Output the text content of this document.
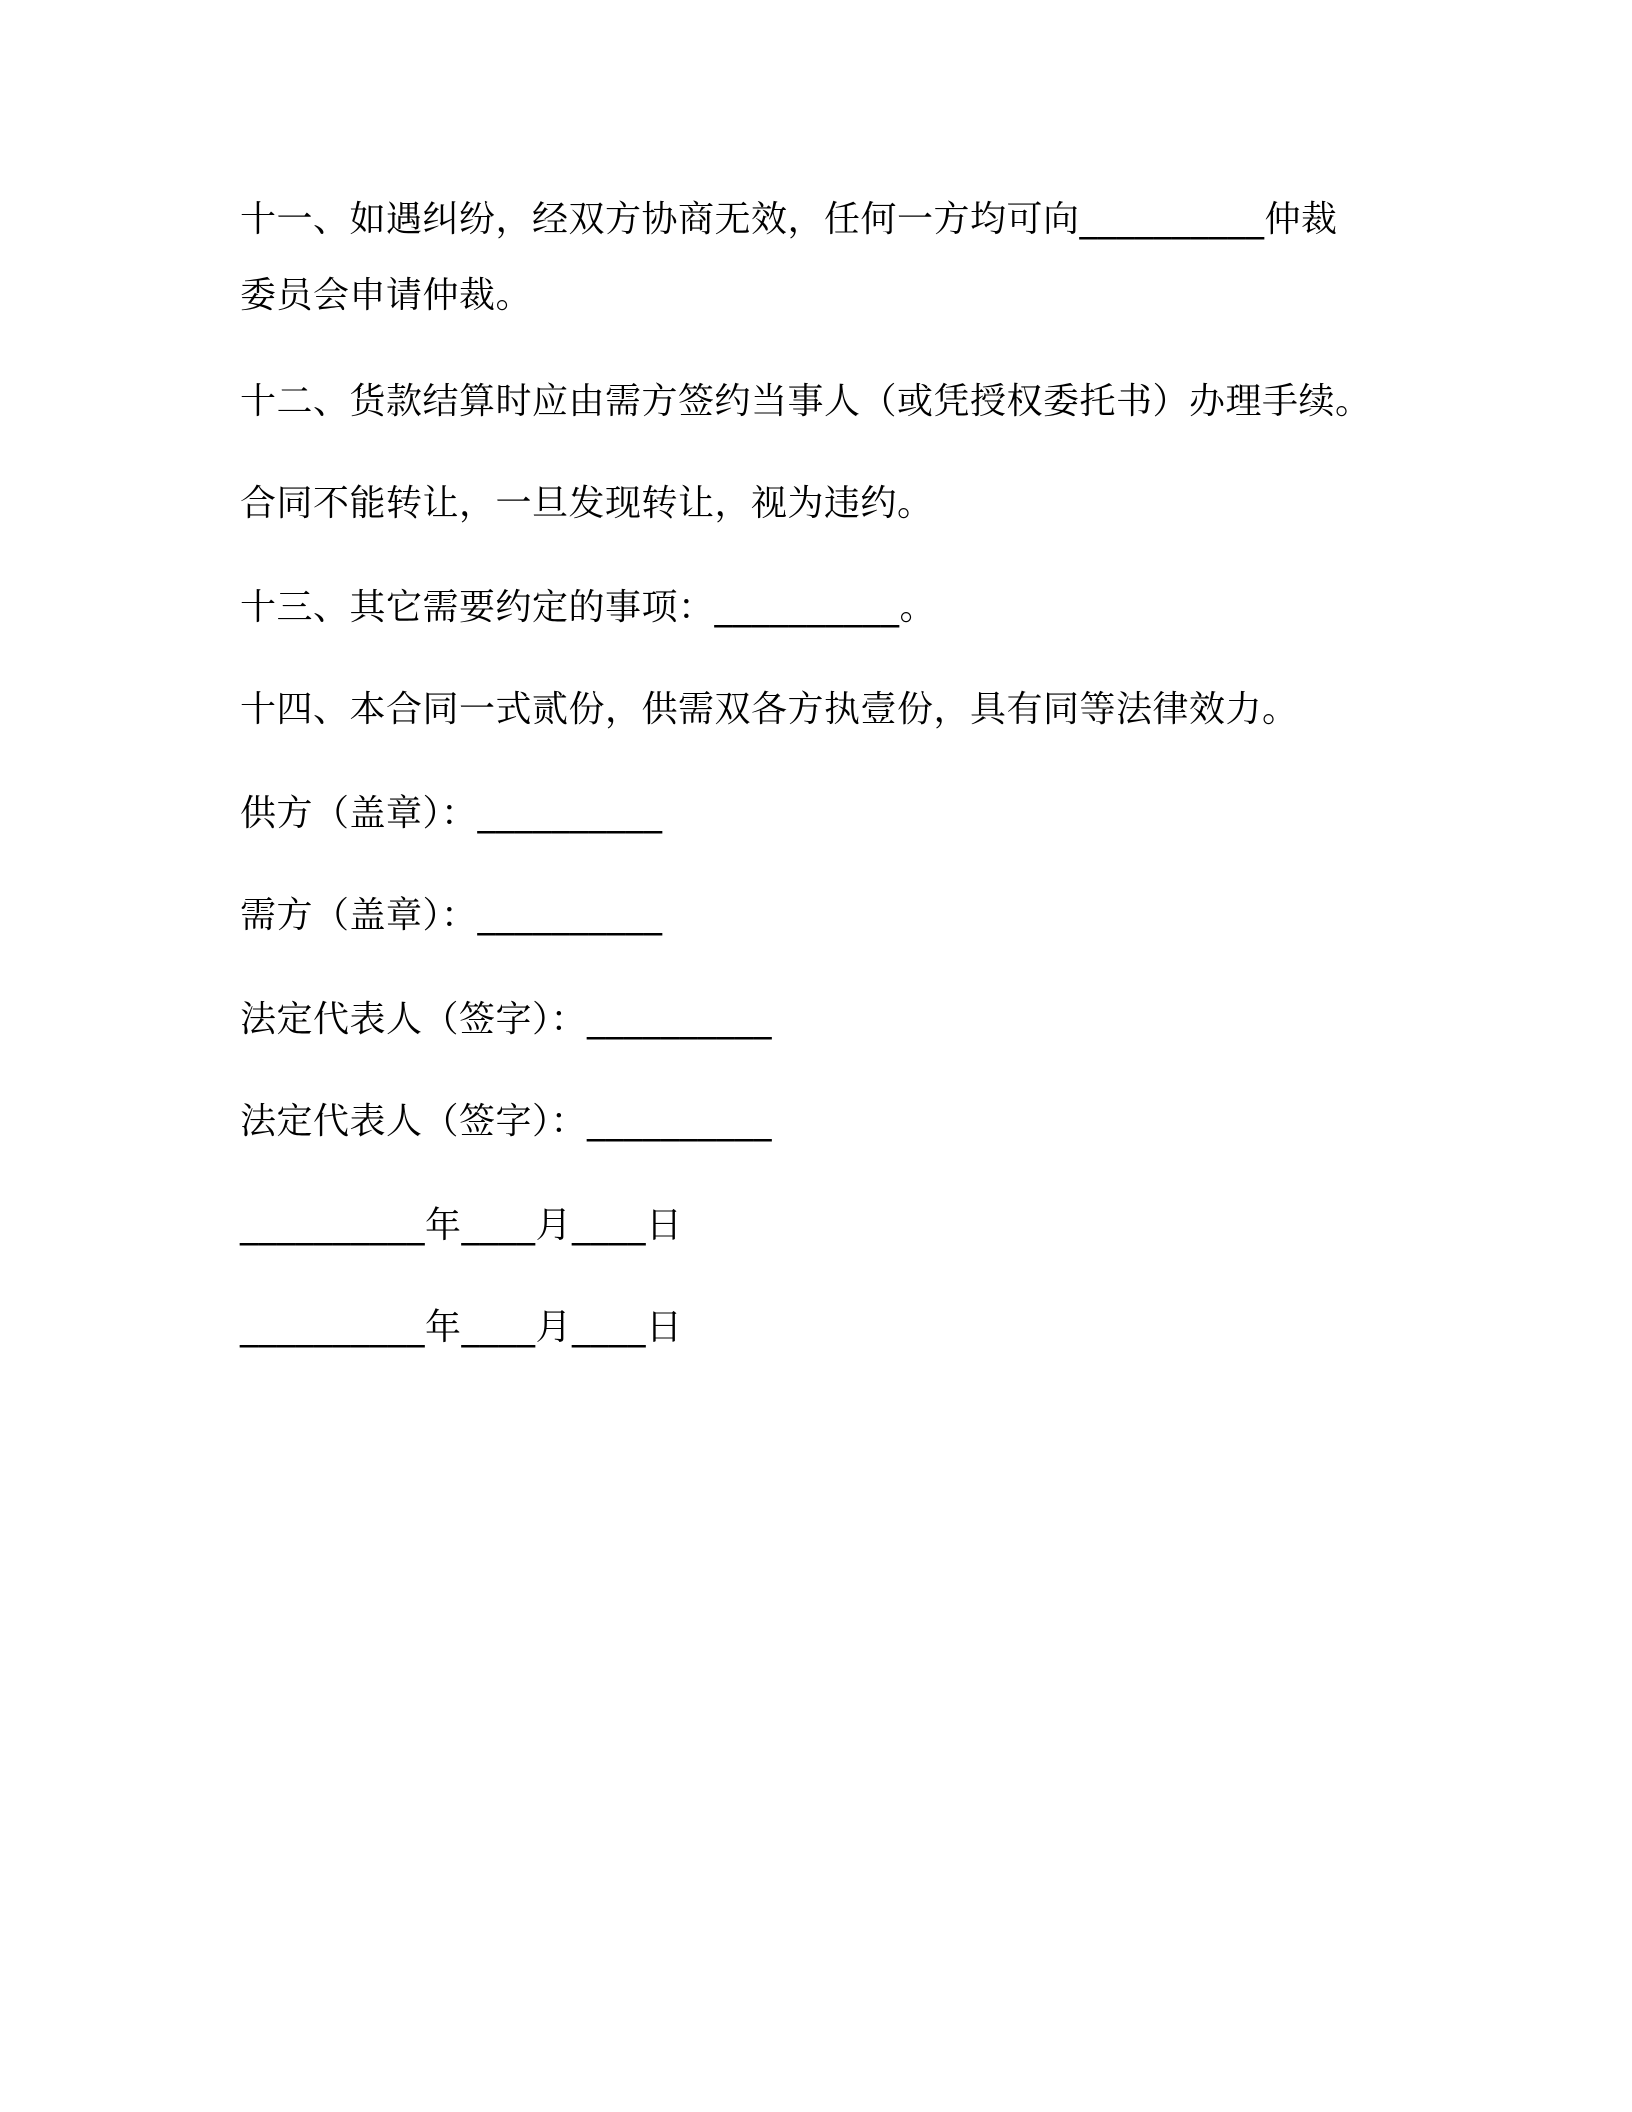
十一、如遇纠纷，经双方协商无效，任何一方均可向__________仲裁
委员会申请仲裁。
十二、货款结算时应由需方签约当事人（或凭授权委托书）办理手续。
合同不能转让，一旦发现转让，视为违约。
十三、其它需要约定的事项：__________。
十四、本合同一式贰份，供需双各方执壹份，具有同等法律效力。
供方（盖章）：__________
需方（盖章）：__________
法定代表人（签字）：__________
法定代表人（签字）：__________
__________年____月____日
__________年____月____日
